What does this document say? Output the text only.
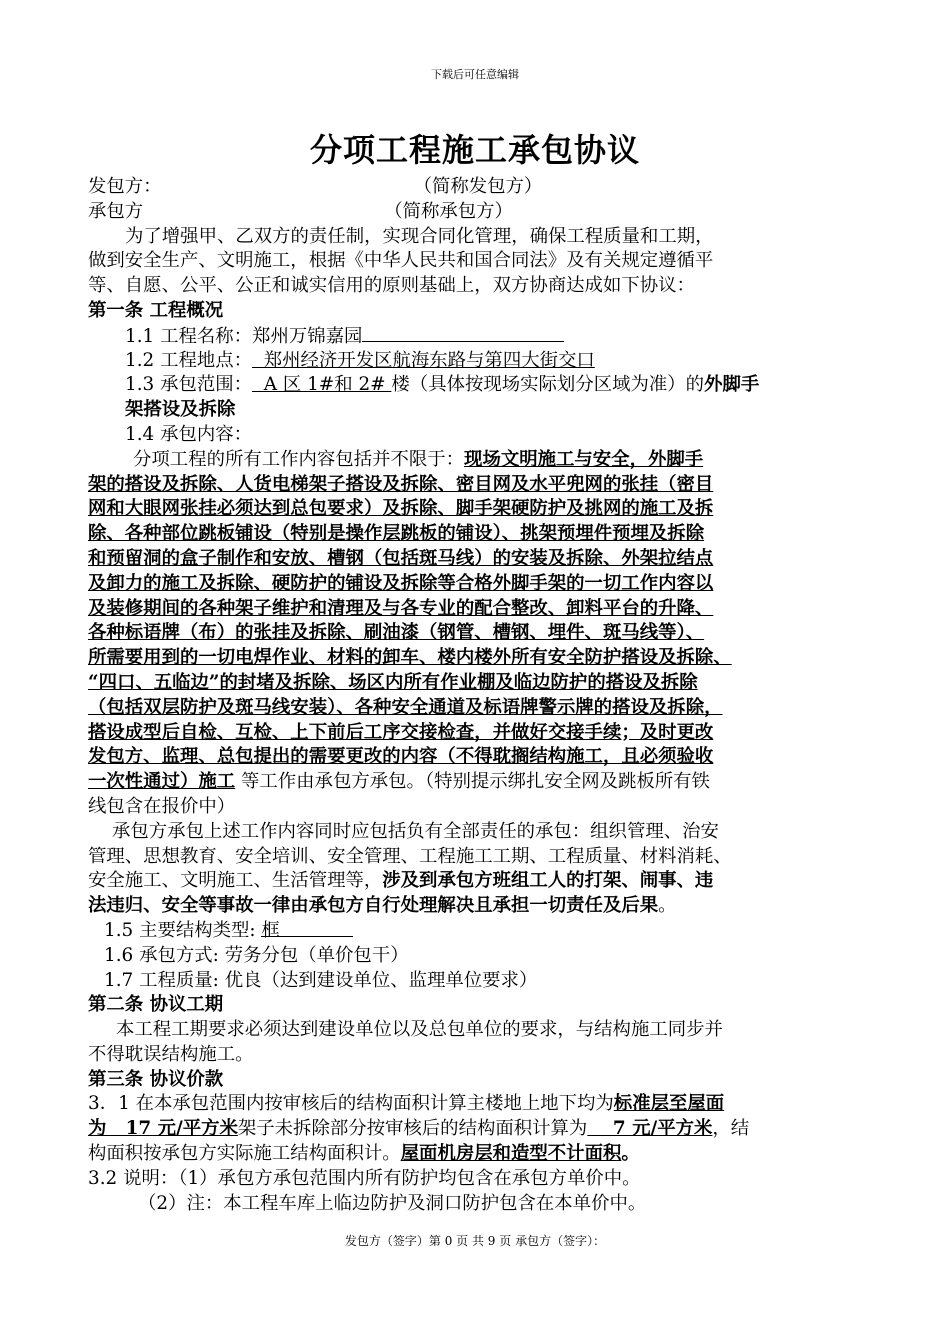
下载后可任意编辑
分项工程施工承包协议
发包方：	（简称发包方）
承包方	（简称承包方）
为了增强甲、乙双方的责任制，实现合同化管理，确保工程质量和工期，
做到安全生产、文明施工，根据《中华人民共和国合同法》及有关规定遵循平
等、自愿、公平、公正和诚实信用的原则基础上，双方协商达成如下协议：
第一条 工程概况
1.1 工程名称：郑州万锦嘉园
1.2 工程地点：  郑州经济开发区航海东路与第四大街交口
1.3 承包范围：  A 区 1#和 2# 楼（具体按现场实际划分区域为准）的外脚手
架搭设及拆除
1.4 承包内容：
分项工程的所有工作内容包括并不限于：现场文明施工与安全，外脚手
架的搭设及拆除、人货电梯架子搭设及拆除、密目网及水平兜网的张挂（密目
网和大眼网张挂必须达到总包要求）及拆除、脚手架硬防护及挑网的施工及拆
除、各种部位跳板铺设（特别是操作层跳板的铺设）、挑架预埋件预埋及拆除
和预留洞的盒子制作和安放、槽钢（包括斑马线）的安装及拆除、外架拉结点
及卸力的施工及拆除、硬防护的铺设及拆除等合格外脚手架的一切工作内容以
及装修期间的各种架子维护和清理及与各专业的配合整改、卸料平台的升降、
各种标语牌（布）的张挂及拆除、刷油漆（钢管、槽钢、埋件、斑马线等）、
所需要用到的一切电焊作业、材料的卸车、楼内楼外所有安全防护搭设及拆除、
“四口、五临边”的封堵及拆除、场区内所有作业棚及临边防护的搭设及拆除
（包括双层防护及斑马线安装）、各种安全通道及标语牌警示牌的搭设及拆除，
搭设成型后自检、互检、上下前后工序交接检查，并做好交接手续；及时更改
发包方、监理、总包提出的需要更改的内容（不得耽搁结构施工，且必须验收
一次性通过）施工 等工作由承包方承包。（特别提示绑扎安全网及跳板所有铁
线包含在报价中）
承包方承包上述工作内容同时应包括负有全部责任的承包：组织管理、治安
管理、思想教育、安全培训、安全管理、工程施工工期、工程质量、材料消耗、
安全施工、文明施工、生活管理等，涉及到承包方班组工人的打架、闹事、违
法违归、安全等事故一律由承包方自行处理解决且承担一切责任及后果。
1.5 主要结构类型: 框
1.6 承包方式: 劳务分包（单价包干）
1.7 工程质量: 优良（达到建设单位、监理单位要求）
第二条 协议工期
本工程工期要求必须达到建设单位以及总包单位的要求，与结构施工同步并
不得耽误结构施工。
第三条 协议价款
3．1 在本承包范围内按审核后的结构面积计算主楼地上地下均为标准层至屋面
为   17 元/平方米架子未拆除部分按审核后的结构面积计算为    7 元/平方米，结
构面积按承包方实际施工结构面积计。屋面机房层和造型不计面积。
3.2 说明：（1）承包方承包范围内所有防护均包含在承包方单价中。
（2）注：本工程车库上临边防护及洞口防护包含在本单价中。
发包方（签字）第 0 页 共 9 页 承包方（签字）：
